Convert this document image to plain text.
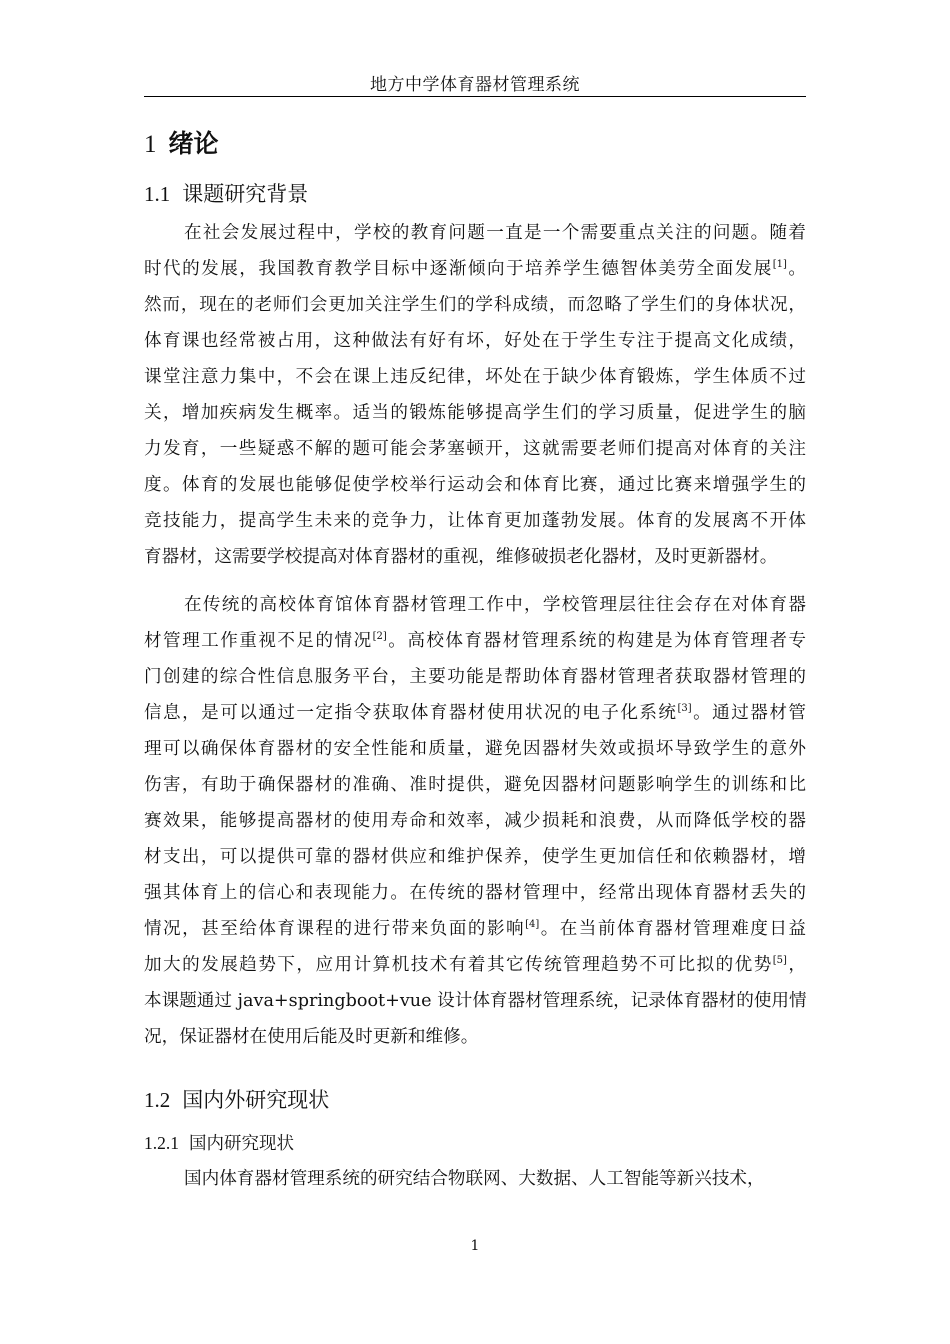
地方中学体育器材管理系统
1 绪论
1.1 课题研究背景
在社会发展过程中，学校的教育问题一直是一个需要重点关注的问题。随着
时代的发展，我国教育教学目标中逐渐倾向于培养学生德智体美劳全面发展[1]。
然而，现在的老师们会更加关注学生们的学科成绩，而忽略了学生们的身体状况，
体育课也经常被占用，这种做法有好有坏，好处在于学生专注于提高文化成绩，
课堂注意力集中，不会在课上违反纪律，坏处在于缺少体育锻炼，学生体质不过
关，增加疾病发生概率。适当的锻炼能够提高学生们的学习质量，促进学生的脑
力发育，一些疑惑不解的题可能会茅塞顿开，这就需要老师们提高对体育的关注
度。体育的发展也能够促使学校举行运动会和体育比赛，通过比赛来增强学生的
竞技能力，提高学生未来的竞争力，让体育更加蓬勃发展。体育的发展离不开体
育器材，这需要学校提高对体育器材的重视，维修破损老化器材，及时更新器材。
在传统的高校体育馆体育器材管理工作中，学校管理层往往会存在对体育器
材管理工作重视不足的情况[2]。高校体育器材管理系统的构建是为体育管理者专
门创建的综合性信息服务平台，主要功能是帮助体育器材管理者获取器材管理的
信息，是可以通过一定指令获取体育器材使用状况的电子化系统[3]。通过器材管
理可以确保体育器材的安全性能和质量，避免因器材失效或损坏导致学生的意外
伤害，有助于确保器材的准确、准时提供，避免因器材问题影响学生的训练和比
赛效果，能够提高器材的使用寿命和效率，减少损耗和浪费，从而降低学校的器
材支出，可以提供可靠的器材供应和维护保养，使学生更加信任和依赖器材，增
强其体育上的信心和表现能力。在传统的器材管理中，经常出现体育器材丢失的
情况，甚至给体育课程的进行带来负面的影响[4]。在当前体育器材管理难度日益
加大的发展趋势下，应用计算机技术有着其它传统管理趋势不可比拟的优势[5]，
本课题通过 java+springboot+vue 设计体育器材管理系统，记录体育器材的使用情
况，保证器材在使用后能及时更新和维修。
1.2 国内外研究现状
1.2.1 国内研究现状
国内体育器材管理系统的研究结合物联网、大数据、人工智能等新兴技术，
1
